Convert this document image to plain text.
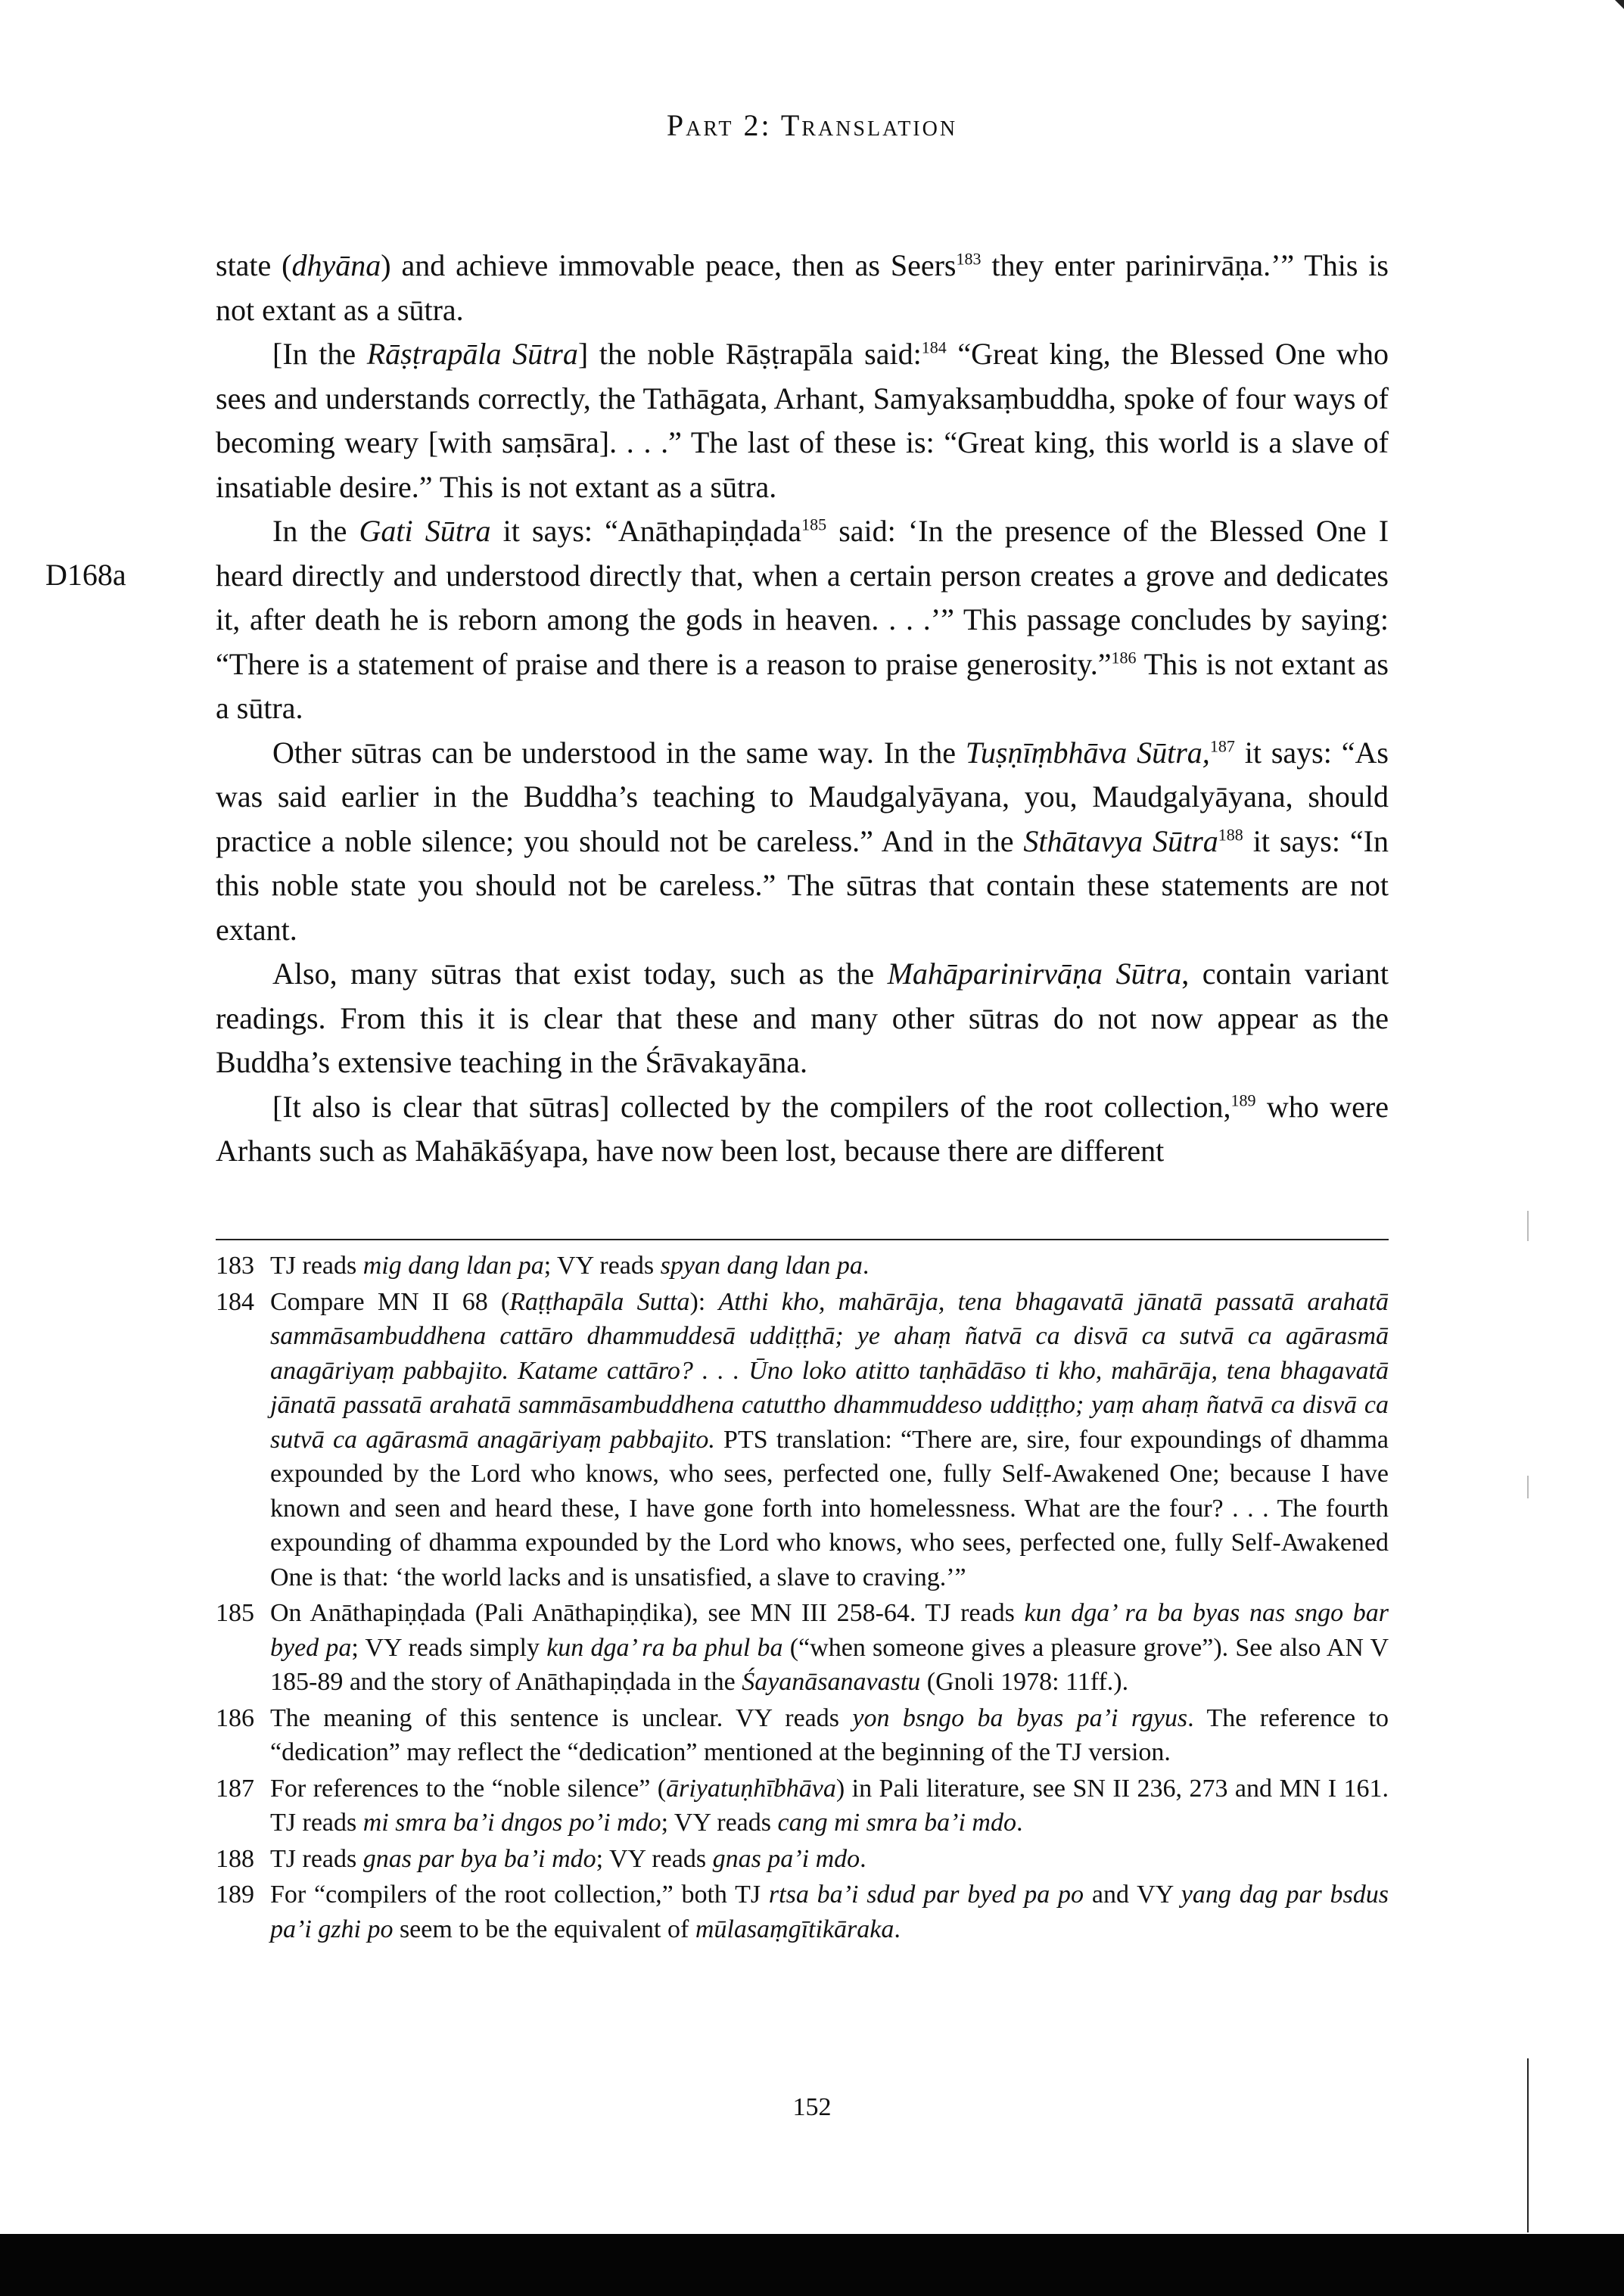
Part 2: Translation
D168a

state (dhyāna) and achieve immovable peace, then as Seers$^{183}$ they enter parinirvāṇa.’” This is not extant as a sūtra.

[In the Rāṣṭrapāla Sūtra] the noble Rāṣṭrapāla said:$^{184}$ “Great king, the Blessed One who sees and understands correctly, the Tathāgata, Arhant, Samyaksaṃbuddha, spoke of four ways of becoming weary [with saṃsāra]. . . .” The last of these is: “Great king, this world is a slave of insatiable desire.” This is not extant as a sūtra.

In the Gati Sūtra it says: “Anāthapiṇḍada$^{185}$ said: ‘In the presence of the Blessed One I heard directly and understood directly that, when a certain person creates a grove and dedicates it, after death he is reborn among the gods in heaven. . . .’” This passage concludes by saying: “There is a statement of praise and there is a reason to praise generosity.”$^{186}$ This is not extant as a sūtra.

Other sūtras can be understood in the same way. In the Tuṣṇīṃbhāva Sūtra,$^{187}$ it says: “As was said earlier in the Buddha’s teaching to Maudgalyāyana, you, Maudgalyāyana, should practice a noble silence; you should not be careless.” And in the Sthātavya Sūtra$^{188}$ it says: “In this noble state you should not be careless.” The sūtras that contain these statements are not extant.

Also, many sūtras that exist today, such as the Mahāparinirvāṇa Sūtra, contain variant readings. From this it is clear that these and many other sūtras do not now appear as the Buddha’s extensive teaching in the Śrāvakayāna.

[It also is clear that sūtras] collected by the compilers of the root collection,$^{189}$ who were Arhants such as Mahākāśyapa, have now been lost, because there are different

183 TJ reads mig dang ldan pa; VY reads spyan dang ldan pa.
184 Compare MN II 68 (Raṭṭhapāla Sutta): Atthi kho, mahārāja, tena bhagavatā jānatā passatā arahatā sammāsambuddhena cattāro dhammuddesā uddiṭṭhā; ye ahaṃ ñatvā ca disvā ca sutvā ca agārasmā anagāriyaṃ pabbajito. Katame cattāro? . . . Ūno loko atitto taṇhādāso ti kho, mahārāja, tena bhagavatā jānatā passatā arahatā sammāsambuddhena catuttho dhammuddeso uddiṭṭho; yaṃ ahaṃ ñatvā ca disvā ca sutvā ca agārasmā anagāriyaṃ pabbajito. PTS translation: “There are, sire, four expoundings of dhamma expounded by the Lord who knows, who sees, perfected one, fully Self-Awakened One; because I have known and seen and heard these, I have gone forth into homelessness. What are the four? . . . The fourth expounding of dhamma expounded by the Lord who knows, who sees, perfected one, fully Self-Awakened One is that: ‘the world lacks and is unsatisfied, a slave to craving.’”
185 On Anāthapiṇḍada (Pali Anāthapiṇḍika), see MN III 258-64. TJ reads kun dga’ ra ba byas nas sngo bar byed pa; VY reads simply kun dga’ ra ba phul ba (“when someone gives a pleasure grove”). See also AN V 185-89 and the story of Anāthapiṇḍada in the Śayanāsanavastu (Gnoli 1978: 11ff.).
186 The meaning of this sentence is unclear. VY reads yon bsngo ba byas pa’i rgyus. The reference to “dedication” may reflect the “dedication” mentioned at the beginning of the TJ version.
187 For references to the “noble silence” (āriyatuṇhībhāva) in Pali literature, see SN II 236, 273 and MN I 161. TJ reads mi smra ba’i dngos po’i mdo; VY reads cang mi smra ba’i mdo.
188 TJ reads gnas par bya ba’i mdo; VY reads gnas pa’i mdo.
189 For “compilers of the root collection,” both TJ rtsa ba’i sdud par byed pa po and VY yang dag par bsdus pa’i gzhi po seem to be the equivalent of mūlasaṃgītikāraka.
152
